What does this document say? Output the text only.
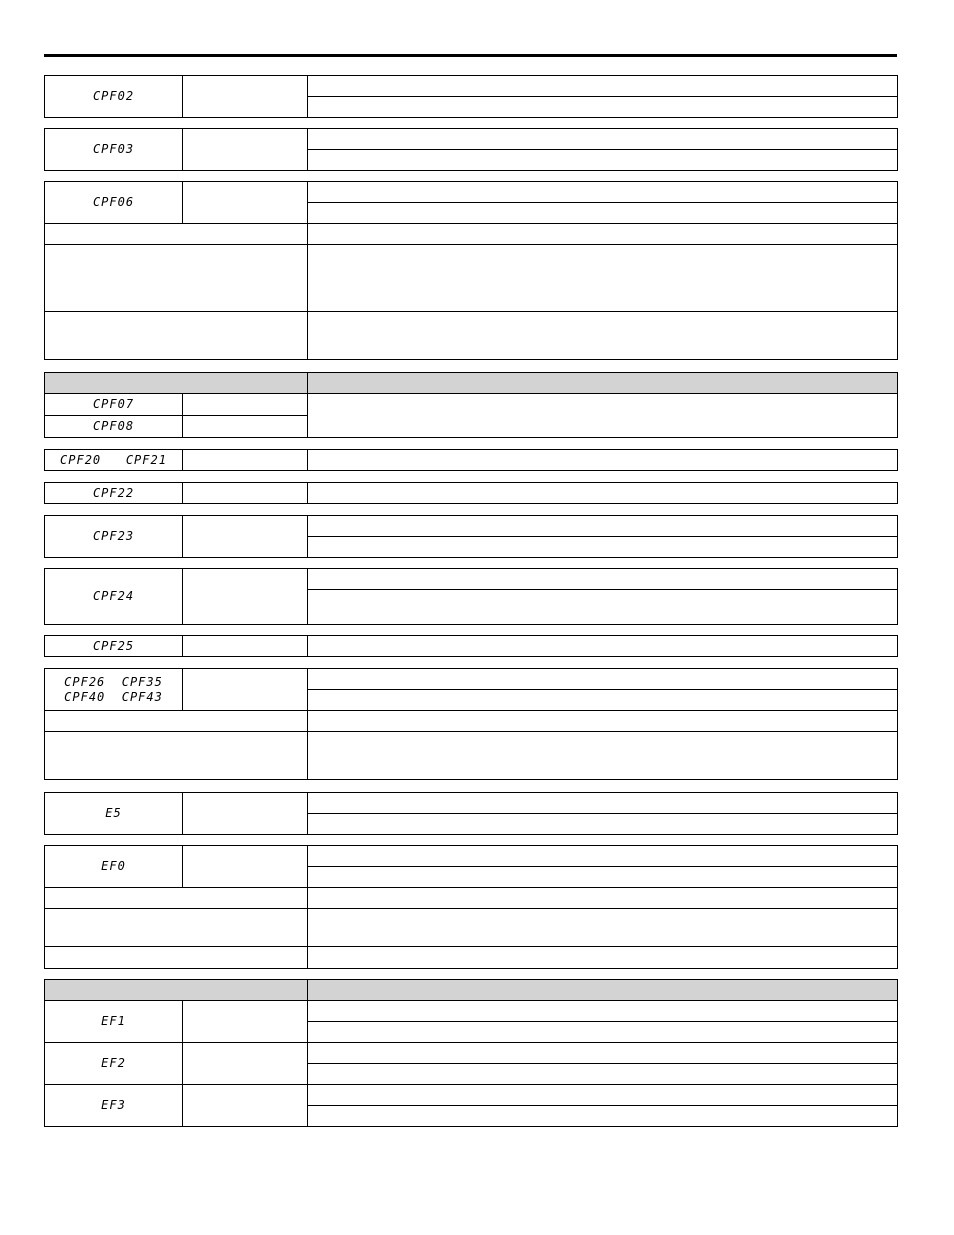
CPF02		

CPF03		

CPF06		

CPF07		
CPF08		
CPF20   CPF21		
CPF22		
CPF23		

CPF24		

CPF25		
CPF26  CPF35
CPF40  CPF43		

E5		

EF0		

EF1		

EF2		

EF3		
